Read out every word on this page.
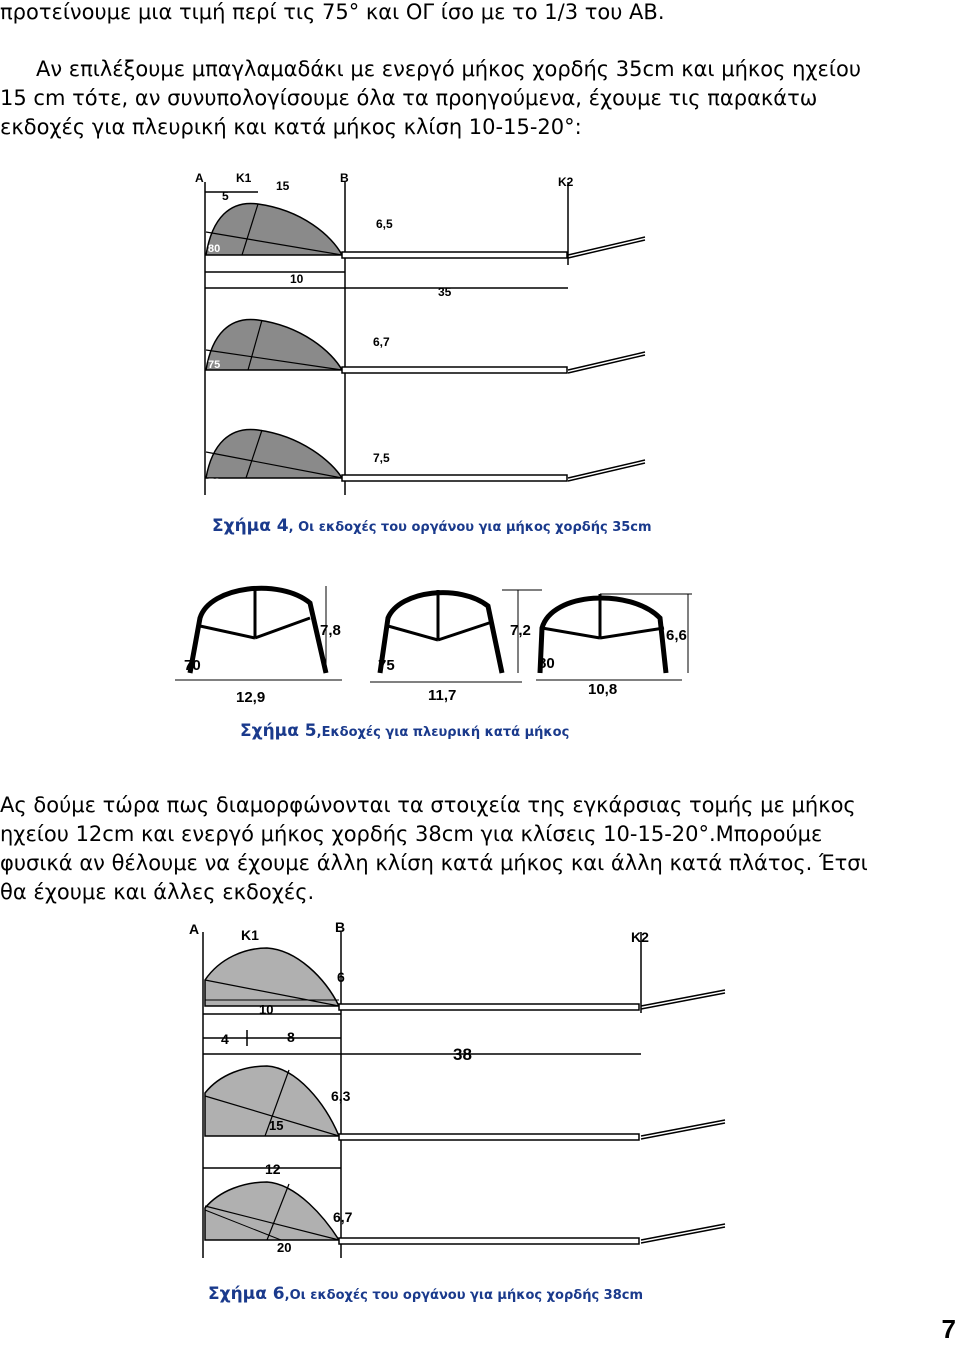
προτείνουμε μια τιμή περί τις 75° και ΟΓ ίσο με το 1/3 του ΑΒ.

Αν επιλέξουμε μπαγλαμαδάκι με ενεργό μήκος χορδής 35cm και μήκος ηχείου
15 cm τότε, αν συνυπολογίσουμε όλα τα προηγούμενα, έχουμε τις παρακάτω
εκδοχές για πλευρική και κατά μήκος κλίση 10-15-20°:
A	K1	B	K2
5
15
10
35
6,5
80
6,7
75
7,5
70
Σχήμα 4, Οι εκδοχές του οργάνου για μήκος χορδής 35cm
7,8
70
12,9
7,2
75
11,7
6,6
80
10,8
Σχήμα 5,Εκδοχές για πλευρική κατά μήκος
Ας δούμε τώρα πως διαμορφώνονται τα στοιχεία της εγκάρσιας τομής με μήκος
ηχείου 12cm και ενεργό μήκος χορδής 38cm για κλίσεις 10-15-20°.Μπορούμε
φυσικά αν θέλουμε να έχουμε άλλη κλίση κατά μήκος και άλλη κατά πλάτος. Έτσι
θα έχουμε και άλλες εκδοχές.
A	K1	B
K2
4	8
12
38
6
10
6,3
15
6,7
20
Σχήμα 6,Οι εκδοχές του οργάνου για μήκος χορδής 38cm
7
